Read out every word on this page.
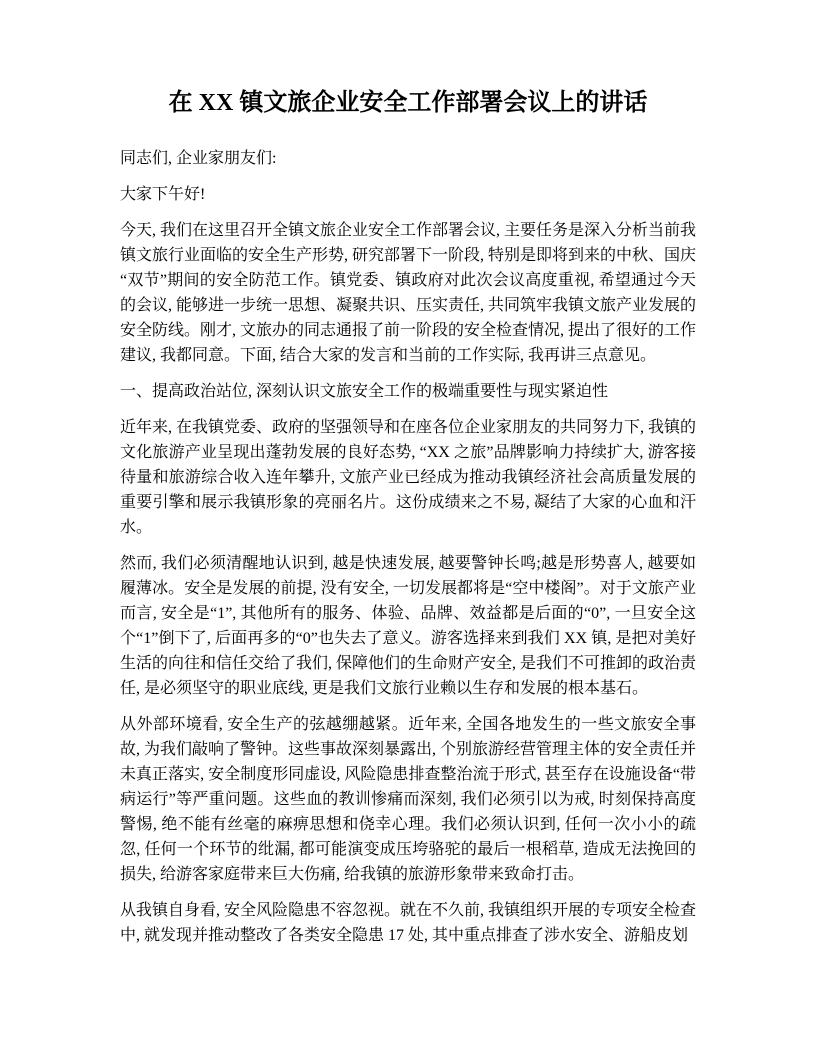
在 XX 镇文旅企业安全工作部署会议上的讲话

同志们, 企业家朋友们:

大家下午好!

今天, 我们在这里召开全镇文旅企业安全工作部署会议, 主要任务是深入分析当前我镇文旅行业面临的安全生产形势, 研究部署下一阶段, 特别是即将到来的中秋、国庆“双节”期间的安全防范工作。镇党委、镇政府对此次会议高度重视, 希望通过今天的会议, 能够进一步统一思想、凝聚共识、压实责任, 共同筑牢我镇文旅产业发展的安全防线。刚才, 文旅办的同志通报了前一阶段的安全检查情况, 提出了很好的工作建议, 我都同意。下面, 结合大家的发言和当前的工作实际, 我再讲三点意见。

一、提高政治站位, 深刻认识文旅安全工作的极端重要性与现实紧迫性

近年来, 在我镇党委、政府的坚强领导和在座各位企业家朋友的共同努力下, 我镇的文化旅游产业呈现出蓬勃发展的良好态势, “XX 之旅”品牌影响力持续扩大, 游客接待量和旅游综合收入连年攀升, 文旅产业已经成为推动我镇经济社会高质量发展的重要引擎和展示我镇形象的亮丽名片。这份成绩来之不易, 凝结了大家的心血和汗水。

然而, 我们必须清醒地认识到, 越是快速发展, 越要警钟长鸣;越是形势喜人, 越要如履薄冰。安全是发展的前提, 没有安全, 一切发展都将是“空中楼阁”。对于文旅产业而言, 安全是“1”, 其他所有的服务、体验、品牌、效益都是后面的“0”, 一旦安全这个“1”倒下了, 后面再多的“0”也失去了意义。游客选择来到我们 XX 镇, 是把对美好生活的向往和信任交给了我们, 保障他们的生命财产安全, 是我们不可推卸的政治责任, 是必须坚守的职业底线, 更是我们文旅行业赖以生存和发展的根本基石。

从外部环境看, 安全生产的弦越绷越紧。近年来, 全国各地发生的一些文旅安全事故, 为我们敲响了警钟。这些事故深刻暴露出, 个别旅游经营管理主体的安全责任并未真正落实, 安全制度形同虚设, 风险隐患排查整治流于形式, 甚至存在设施设备“带病运行”等严重问题。这些血的教训惨痛而深刻, 我们必须引以为戒, 时刻保持高度警惕, 绝不能有丝毫的麻痹思想和侥幸心理。我们必须认识到, 任何一次小小的疏忽, 任何一个环节的纰漏, 都可能演变成压垮骆驼的最后一根稻草, 造成无法挽回的损失, 给游客家庭带来巨大伤痛, 给我镇的旅游形象带来致命打击。

从我镇自身看, 安全风险隐患不容忽视。就在不久前, 我镇组织开展的专项安全检查中, 就发现并推动整改了各类安全隐患 17 处, 其中重点排查了涉水安全、游船皮划
